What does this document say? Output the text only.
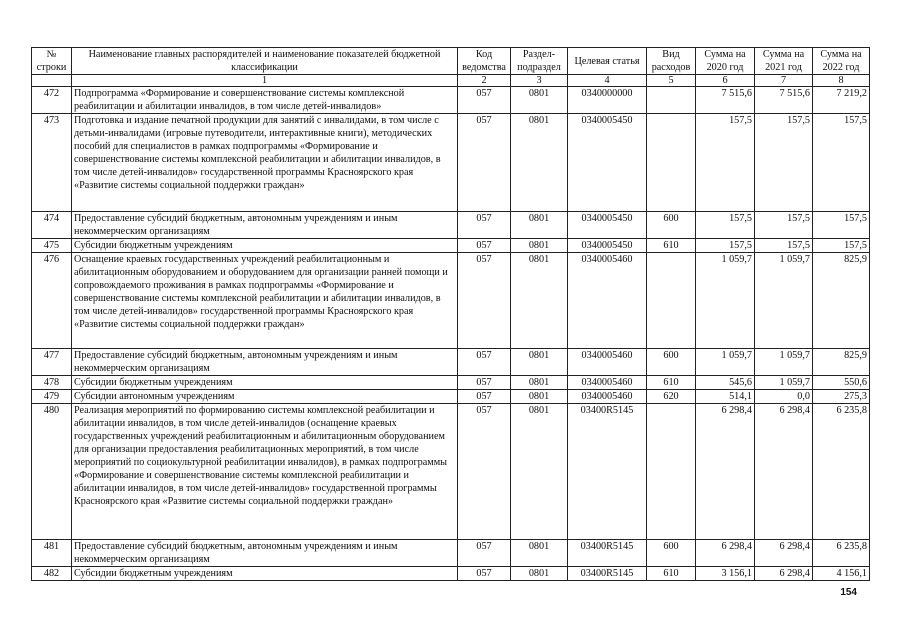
№ строки	Наименование главных распорядителей и наименование показателей бюджетной классификации	Код ведомства	Раздел-подраздел	Целевая статья	Вид расходов	Сумма на 2020 год	Сумма на 2021 год	Сумма на 2022 год
	1	2	3	4	5	6	7	8
472	Подпрограмма «Формирование и совершенствование системы комплексной реабилитации и абилитации инвалидов, в том числе детей-инвалидов»	057	0801	0340000000		7 515,6	7 515,6	7 219,2
473	Подготовка и издание печатной продукции для занятий с инвалидами, в том числе с детьми-инвалидами (игровые путеводители, интерактивные книги), методических пособий для специалистов в рамках подпрограммы «Формирование и совершенствование системы комплексной реабилитации и абилитации инвалидов, в том числе детей-инвалидов» государственной программы Красноярского края «Развитие системы социальной поддержки граждан»	057	0801	0340005450		157,5	157,5	157,5
474	Предоставление субсидий бюджетным, автономным учреждениям и иным некоммерческим организациям	057	0801	0340005450	600	157,5	157,5	157,5
475	Субсидии бюджетным учреждениям	057	0801	0340005450	610	157,5	157,5	157,5
476	Оснащение краевых государственных учреждений реабилитационным и абилитационным оборудованием и оборудованием для организации ранней помощи и сопровождаемого проживания в рамках подпрограммы «Формирование и совершенствование системы комплексной реабилитации и абилитации инвалидов, в том числе детей-инвалидов» государственной программы Красноярского края «Развитие системы социальной поддержки граждан»	057	0801	0340005460		1 059,7	1 059,7	825,9
477	Предоставление субсидий бюджетным, автономным учреждениям и иным некоммерческим организациям	057	0801	0340005460	600	1 059,7	1 059,7	825,9
478	Субсидии бюджетным учреждениям	057	0801	0340005460	610	545,6	1 059,7	550,6
479	Субсидии автономным учреждениям	057	0801	0340005460	620	514,1	0,0	275,3
480	Реализация мероприятий по формированию системы комплексной реабилитации и абилитации инвалидов, в том числе детей-инвалидов (оснащение краевых государственных учреждений реабилитационным и абилитационным оборудованием для организации предоставления реабилитационных мероприятий, в том числе мероприятий по социокультурной реабилитации инвалидов), в рамках подпрограммы «Формирование и совершенствование системы комплексной реабилитации и абилитации инвалидов, в том числе детей-инвалидов» государственной программы Красноярского края «Развитие системы социальной поддержки граждан»	057	0801	03400R5145		6 298,4	6 298,4	6 235,8
481	Предоставление субсидий бюджетным, автономным учреждениям и иным некоммерческим организациям	057	0801	03400R5145	600	6 298,4	6 298,4	6 235,8
482	Субсидии бюджетным учреждениям	057	0801	03400R5145	610	3 156,1	6 298,4	4 156,1
154
